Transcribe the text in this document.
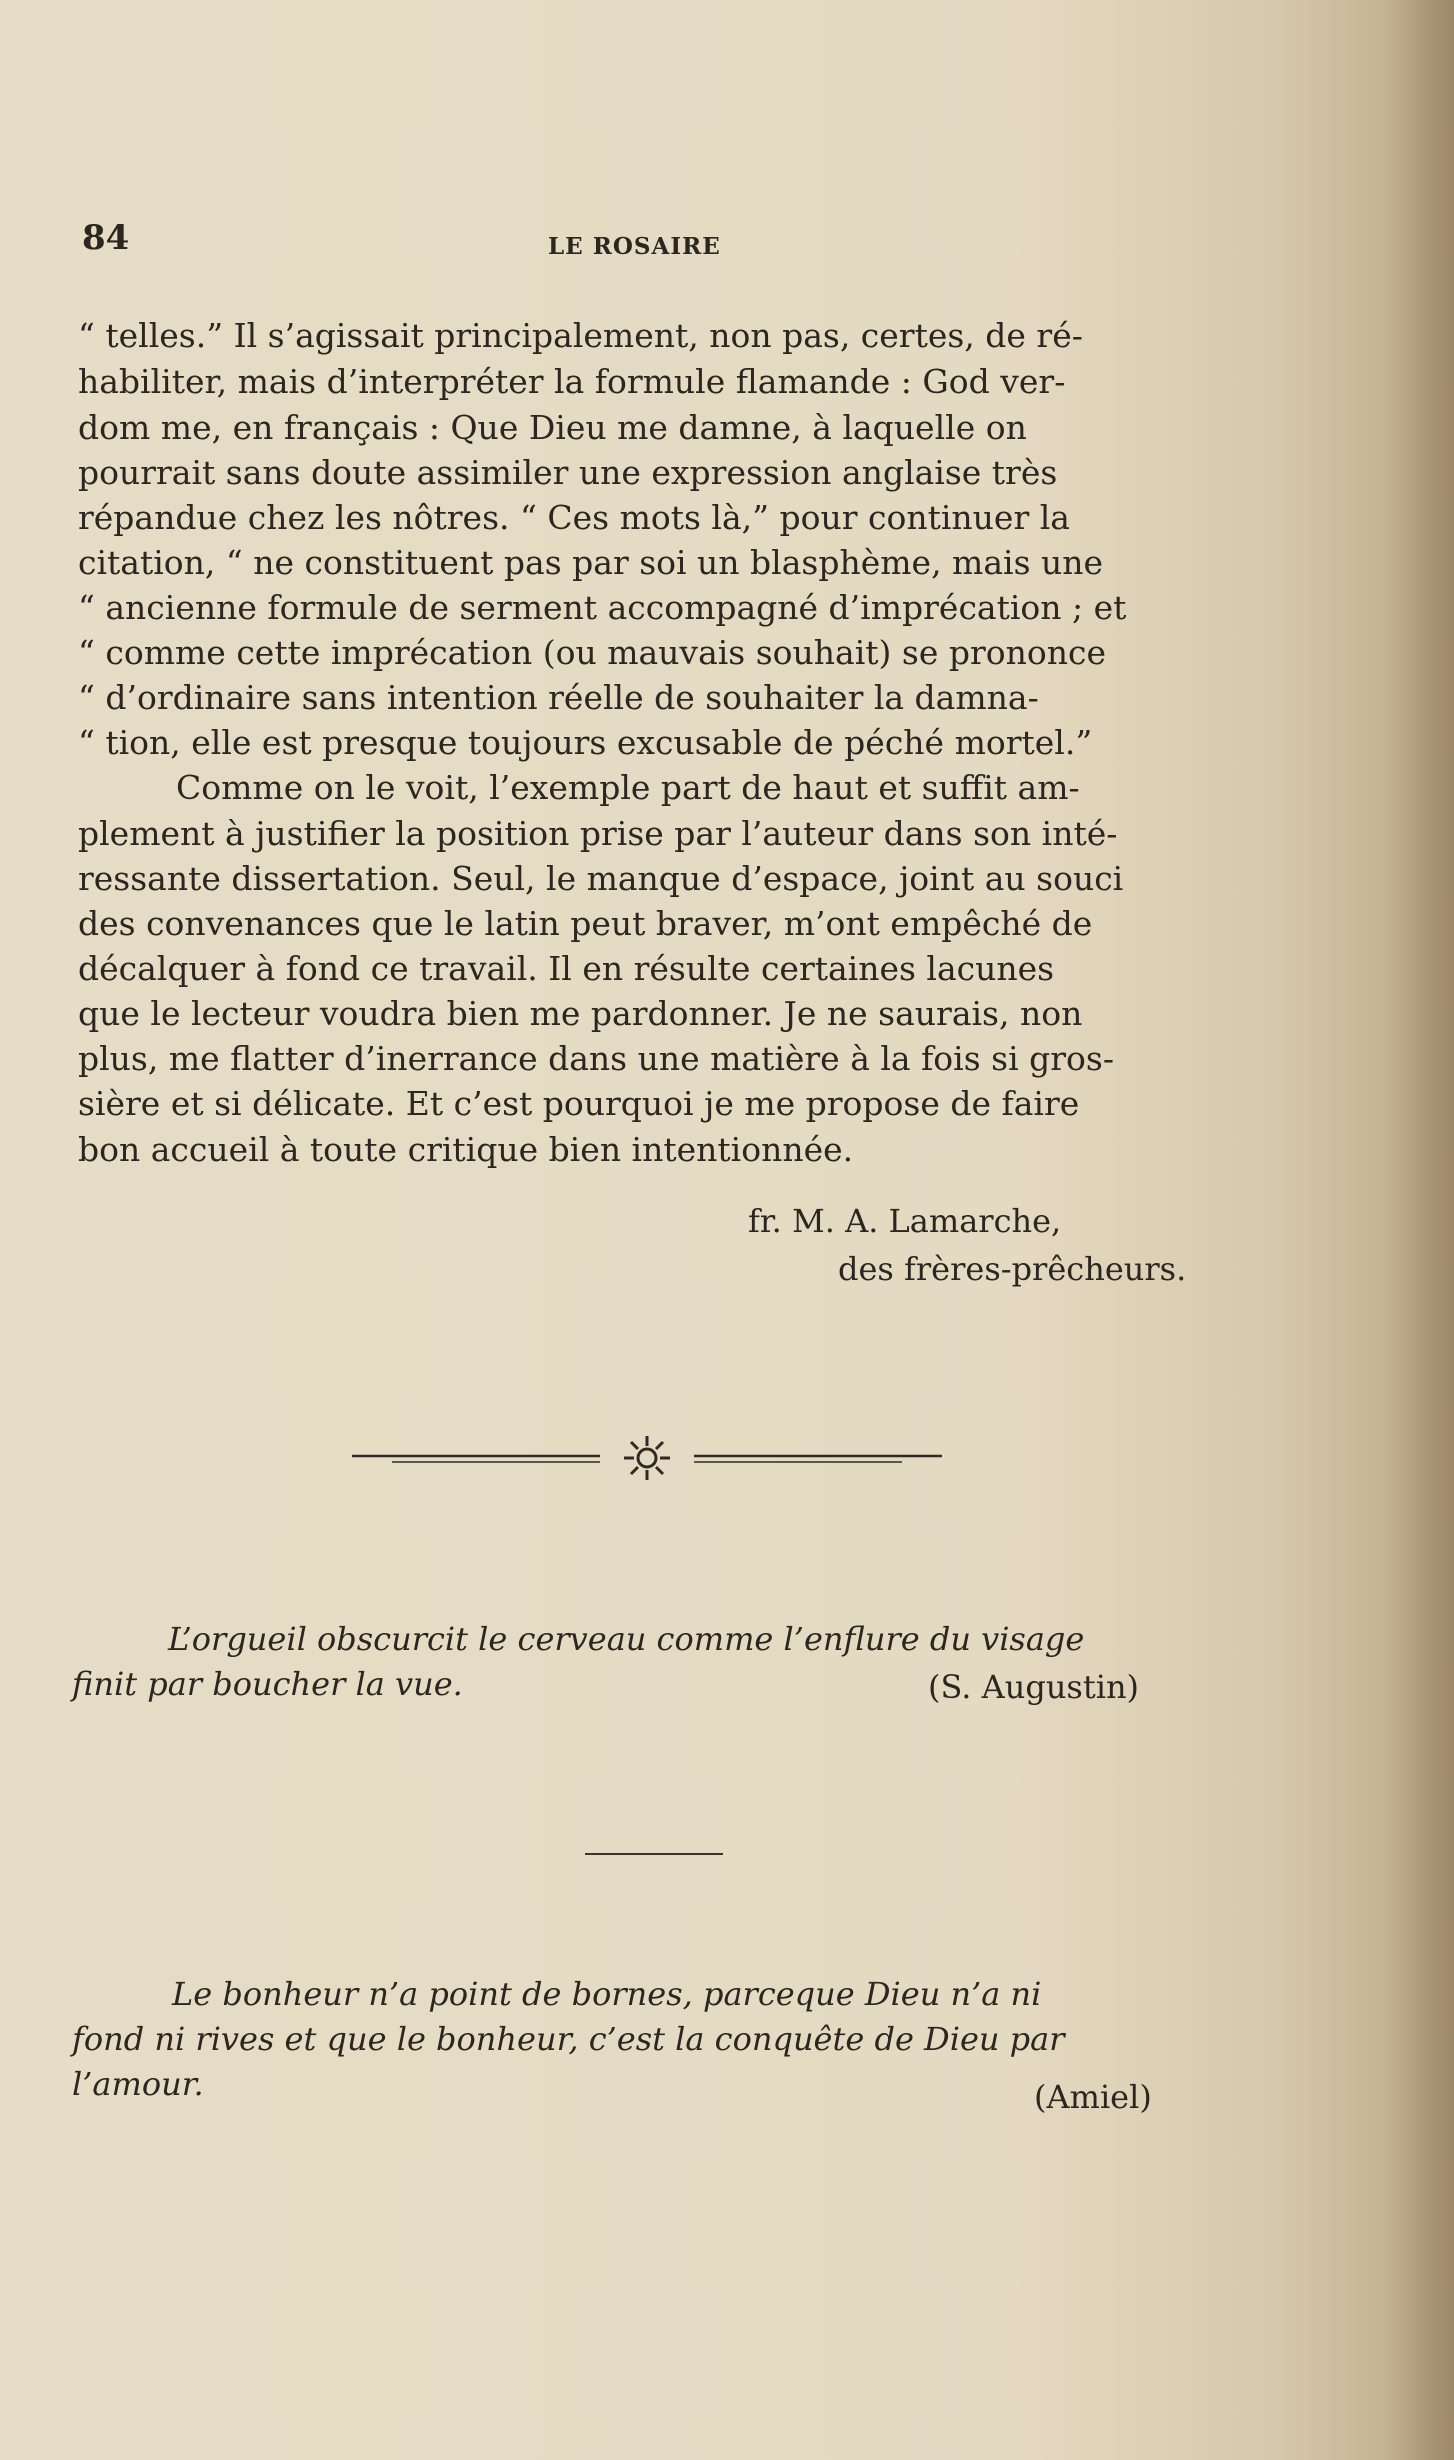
84	LE ROSAIRE
“ telles.” Il s’agissait principalement, non pas, certes, de ré-
habiliter, mais d’interpréter la formule flamande : God ver-
dom me, en français : Que Dieu me damne, à laquelle on
pourrait sans doute assimiler une expression anglaise très
répandue chez les nôtres. “ Ces mots là,” pour continuer la
citation, “ ne constituent pas par soi un blasphème, mais une
“ ancienne formule de serment accompagné d’imprécation ; et
“ comme cette imprécation (ou mauvais souhait) se prononce
“ d’ordinaire sans intention réelle de souhaiter la damna-
“ tion, elle est presque toujours excusable de péché mortel.”
Comme on le voit, l’exemple part de haut et suffit am-
plement à justifier la position prise par l’auteur dans son inté-
ressante dissertation. Seul, le manque d’espace, joint au souci
des convenances que le latin peut braver, m’ont empêché de
décalquer à fond ce travail. Il en résulte certaines lacunes
que le lecteur voudra bien me pardonner. Je ne saurais, non
plus, me flatter d’inerrance dans une matière à la fois si gros-
sière et si délicate. Et c’est pourquoi je me propose de faire
bon accueil à toute critique bien intentionnée.
fr. M. A. Lamarche,
des frères-prêcheurs.
L’orgueil obscurcit le cerveau comme l’enflure du visage
finit par boucher la vue.	(S. Augustin)
Le bonheur n’a point de bornes, parceque Dieu n’a ni
fond ni rives et que le bonheur, c’est la conquête de Dieu par
l’amour.	(Amiel)
